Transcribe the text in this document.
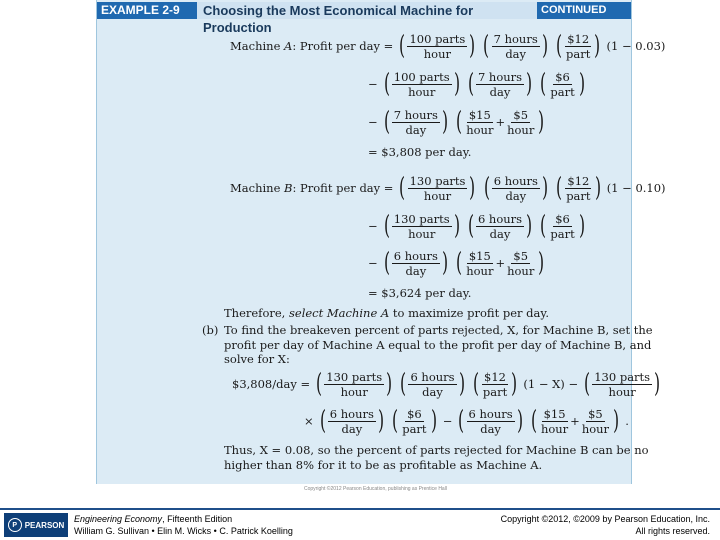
EXAMPLE 2-9	Choosing the Most Economical Machine for Production
CONTINUED
Machine A: Profit per day = ( $\frac{\text{100 parts}}{\text{hour}}$ ) ( $\frac{\text{7 hours}}{\text{day}}$ ) ( $\frac{\$12}{\text{part}}$ ) (1 − 0.03)
− ( $\frac{\text{100 parts}}{\text{hour}}$ ) ( $\frac{\text{7 hours}}{\text{day}}$ ) ( $\frac{\$6}{\text{part}}$ )
− ( $\frac{\text{7 hours}}{\text{day}}$ ) ( $\frac{\$15}{\text{hour}} + \frac{\$5}{\text{hour}}$ )
= $3,808 per day.
Machine B: Profit per day = ( $\frac{\text{130 parts}}{\text{hour}}$ ) ( $\frac{\text{6 hours}}{\text{day}}$ ) ( $\frac{\$12}{\text{part}}$ ) (1 − 0.10)
− ( $\frac{\text{130 parts}}{\text{hour}}$ ) ( $\frac{\text{6 hours}}{\text{day}}$ ) ( $\frac{\$6}{\text{part}}$ )
− ( $\frac{\text{6 hours}}{\text{day}}$ ) ( $\frac{\$15}{\text{hour}} + \frac{\$5}{\text{hour}}$ )
= $3,624 per day.
Therefore, select Machine A to maximize profit per day.
(b) To find the breakeven percent of parts rejected, X, for Machine B, set the
profit per day of Machine A equal to the profit per day of Machine B, and
solve for X:
$3,808/day = ( $\frac{\text{130 parts}}{\text{hour}}$ ) ( $\frac{\text{6 hours}}{\text{day}}$ ) ( $\frac{\$12}{\text{part}}$ ) (1 − X) − ( $\frac{\text{130 parts}}{\text{hour}}$ )
× ( $\frac{\text{6 hours}}{\text{day}}$ ) ( $\frac{\$6}{\text{part}}$ ) − ( $\frac{\text{6 hours}}{\text{day}}$ ) ( $\frac{\$15}{\text{hour}} + \frac{\$5}{\text{hour}}$ ) .
Thus, X = 0.08, so the percent of parts rejected for Machine B can be no
higher than 8% for it to be as profitable as Machine A.
Copyright ©2012 Pearson Education, publishing as Prentice Hall
P PEARSON
Engineering Economy, Fifteenth Edition
William G. Sullivan • Elin M. Wicks • C. Patrick Koelling
Copyright ©2012, ©2009 by Pearson Education, Inc.
All rights reserved.
